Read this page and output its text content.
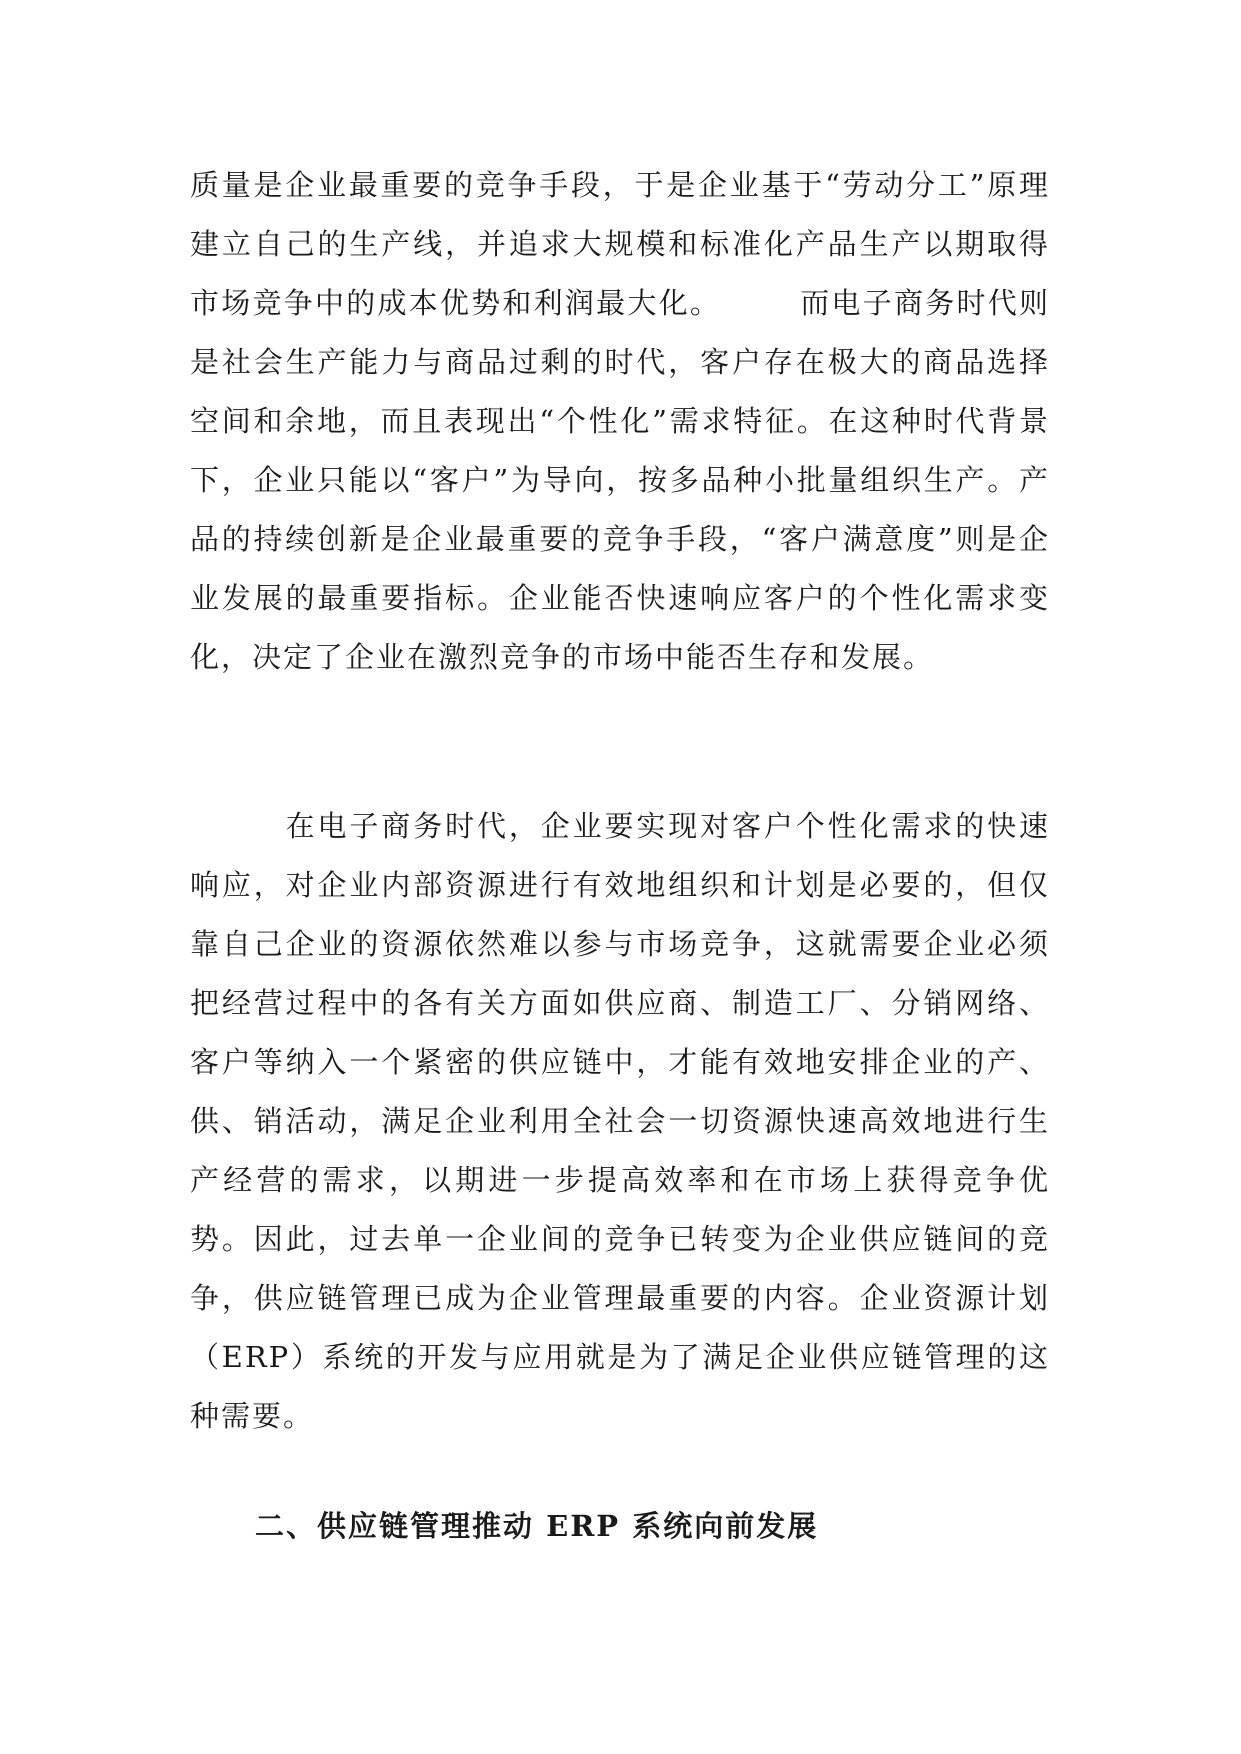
质量是企业最重要的竞争手段，于是企业基于“劳动分工”原理建立自己的生产线，并追求大规模和标准化产品生产以期取得市场竞争中的成本优势和利润最大化。　　　而电子商务时代则是社会生产能力与商品过剩的时代，客户存在极大的商品选择空间和余地，而且表现出“个性化”需求特征。在这种时代背景下，企业只能以“客户”为导向，按多品种小批量组织生产。产品的持续创新是企业最重要的竞争手段，“客户满意度”则是企业发展的最重要指标。企业能否快速响应客户的个性化需求变化，决定了企业在激烈竞争的市场中能否生存和发展。

　　　在电子商务时代，企业要实现对客户个性化需求的快速响应，对企业内部资源进行有效地组织和计划是必要的，但仅靠自己企业的资源依然难以参与市场竞争，这就需要企业必须把经营过程中的各有关方面如供应商、制造工厂、分销网络、客户等纳入一个紧密的供应链中，才能有效地安排企业的产、供、销活动，满足企业利用全社会一切资源快速高效地进行生产经营的需求，以期进一步提高效率和在市场上获得竞争优势。因此，过去单一企业间的竞争已转变为企业供应链间的竞争，供应链管理已成为企业管理最重要的内容。企业资源计划（ERP）系统的开发与应用就是为了满足企业供应链管理的这种需要。

二、供应链管理推动 ERP 系统向前发展
